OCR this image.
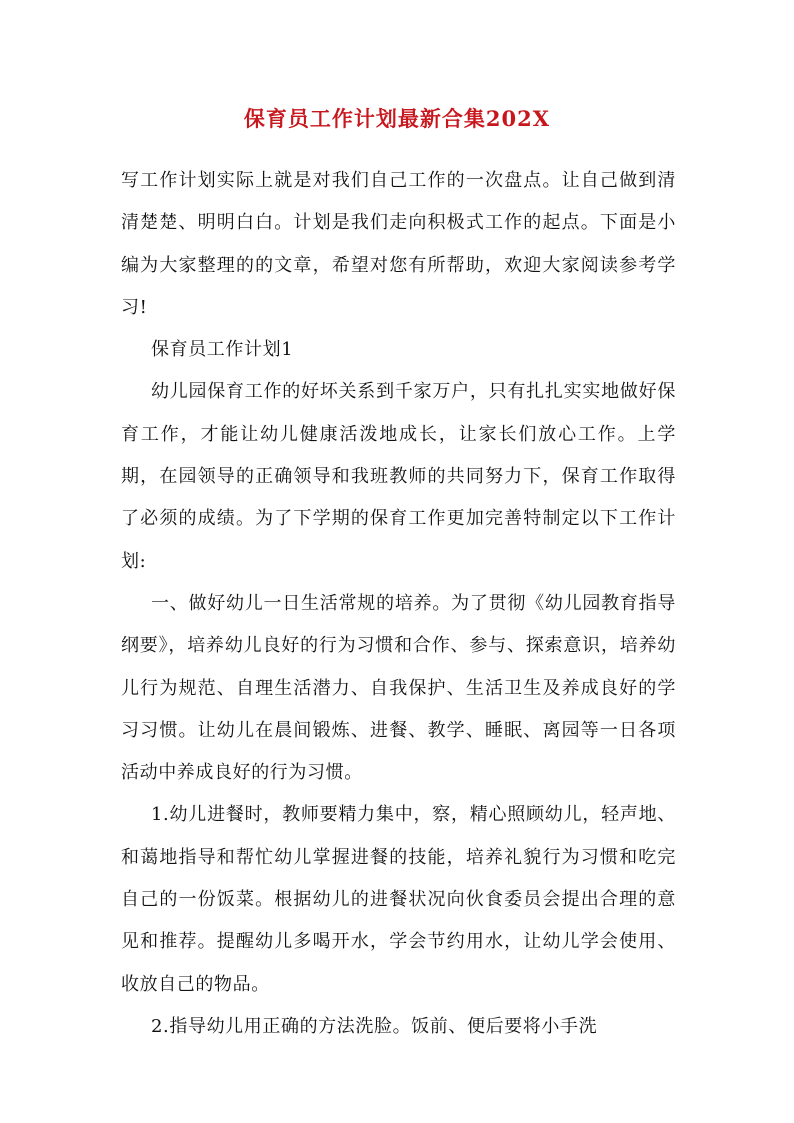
保育员工作计划最新合集202X

写工作计划实际上就是对我们自己工作的一次盘点。让自己做到清清楚楚、明明白白。计划是我们走向积极式工作的起点。下面是小编为大家整理的的文章，希望对您有所帮助，欢迎大家阅读参考学习!

保育员工作计划1

幼儿园保育工作的好坏关系到千家万户，只有扎扎实实地做好保育工作，才能让幼儿健康活泼地成长，让家长们放心工作。上学期，在园领导的正确领导和我班教师的共同努力下，保育工作取得了必须的成绩。为了下学期的保育工作更加完善特制定以下工作计划:

一、做好幼儿一日生活常规的培养。为了贯彻《幼儿园教育指导纲要》，培养幼儿良好的行为习惯和合作、参与、探索意识，培养幼儿行为规范、自理生活潜力、自我保护、生活卫生及养成良好的学习习惯。让幼儿在晨间锻炼、进餐、教学、睡眠、离园等一日各项活动中养成良好的行为习惯。

1.幼儿进餐时，教师要精力集中，察，精心照顾幼儿，轻声地、和蔼地指导和帮忙幼儿掌握进餐的技能，培养礼貌行为习惯和吃完自己的一份饭菜。根据幼儿的进餐状况向伙食委员会提出合理的意见和推荐。提醒幼儿多喝开水，学会节约用水，让幼儿学会使用、收放自己的物品。

2.指导幼儿用正确的方法洗脸。饭前、便后要将小手洗
